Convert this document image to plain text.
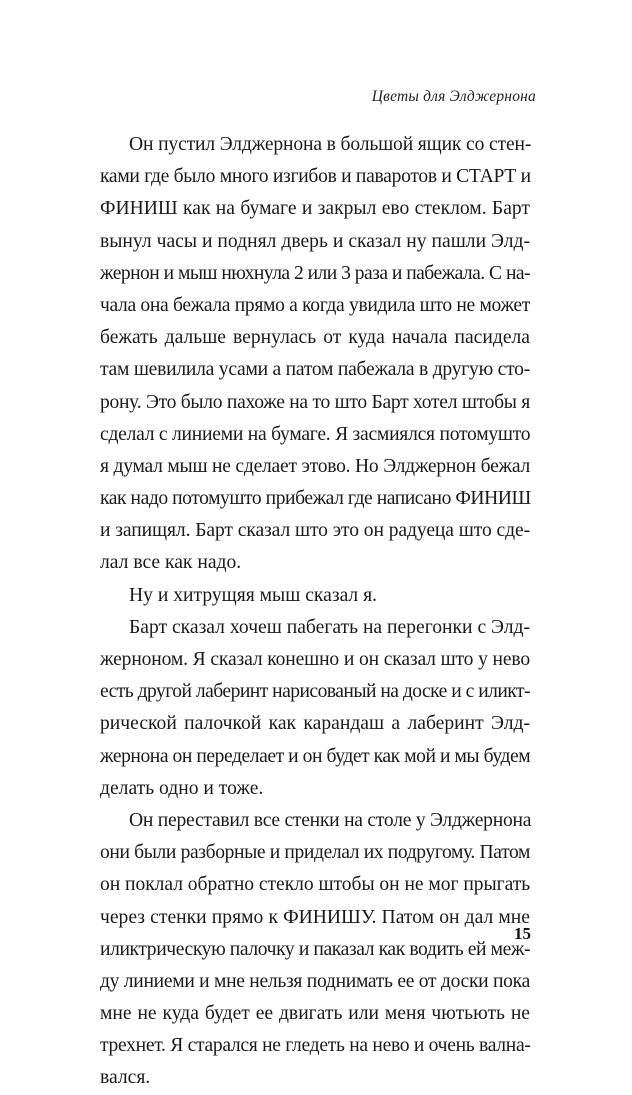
Цветы для Элджернона
Он пустил Элджернона в большой ящик со стен-
ками где было много изгибов и паваротов и СТАРТ и
ФИНИШ как на бумаге и закрыл ево стеклом. Барт
вынул часы и поднял дверь и сказал ну пашли Элд-
жернон и мыш нюхнула 2 или 3 раза и пабежала. С на-
чала она бежала прямо а когда увидила што не может
бежать дальше вернулась от куда начала пасидела
там шевилила усами а патом пабежала в другую сто-
рону. Это было пахоже на то што Барт хотел штобы я
сделал с линиеми на бумаге. Я засмиялся потомушто
я думал мыш не сделает этово. Но Элджернон бежал
как надо потомушто прибежал где написано ФИНИШ
и запищял. Барт сказал што это он радуеца што сде-
лал все как надо.
Ну и хитрущяя мыш сказал я.
Барт сказал хочеш пабегать на перегонки с Элд-
жерноном. Я сказал конешно и он сказал што у нево
есть другой лаберинт нарисованый на доске и с иликт-
рической палочкой как карандаш а лаберинт Элд-
жернона он переделает и он будет как мой и мы будем
делать одно и тоже.
Он переставил все стенки на столе у Элджернона
они были разборные и приделал их подругому. Патом
он поклал обратно стекло штобы он не мог прыгать
через стенки прямо к ФИНИШУ. Патом он дал мне
иликтрическую палочку и паказал как водить ей меж-
ду линиеми и мне нельзя поднимать ее от доски пока
мне не куда будет ее двигать или меня чютьють не
трехнет. Я старался не гледеть на нево и очень вална-
вался.
15
